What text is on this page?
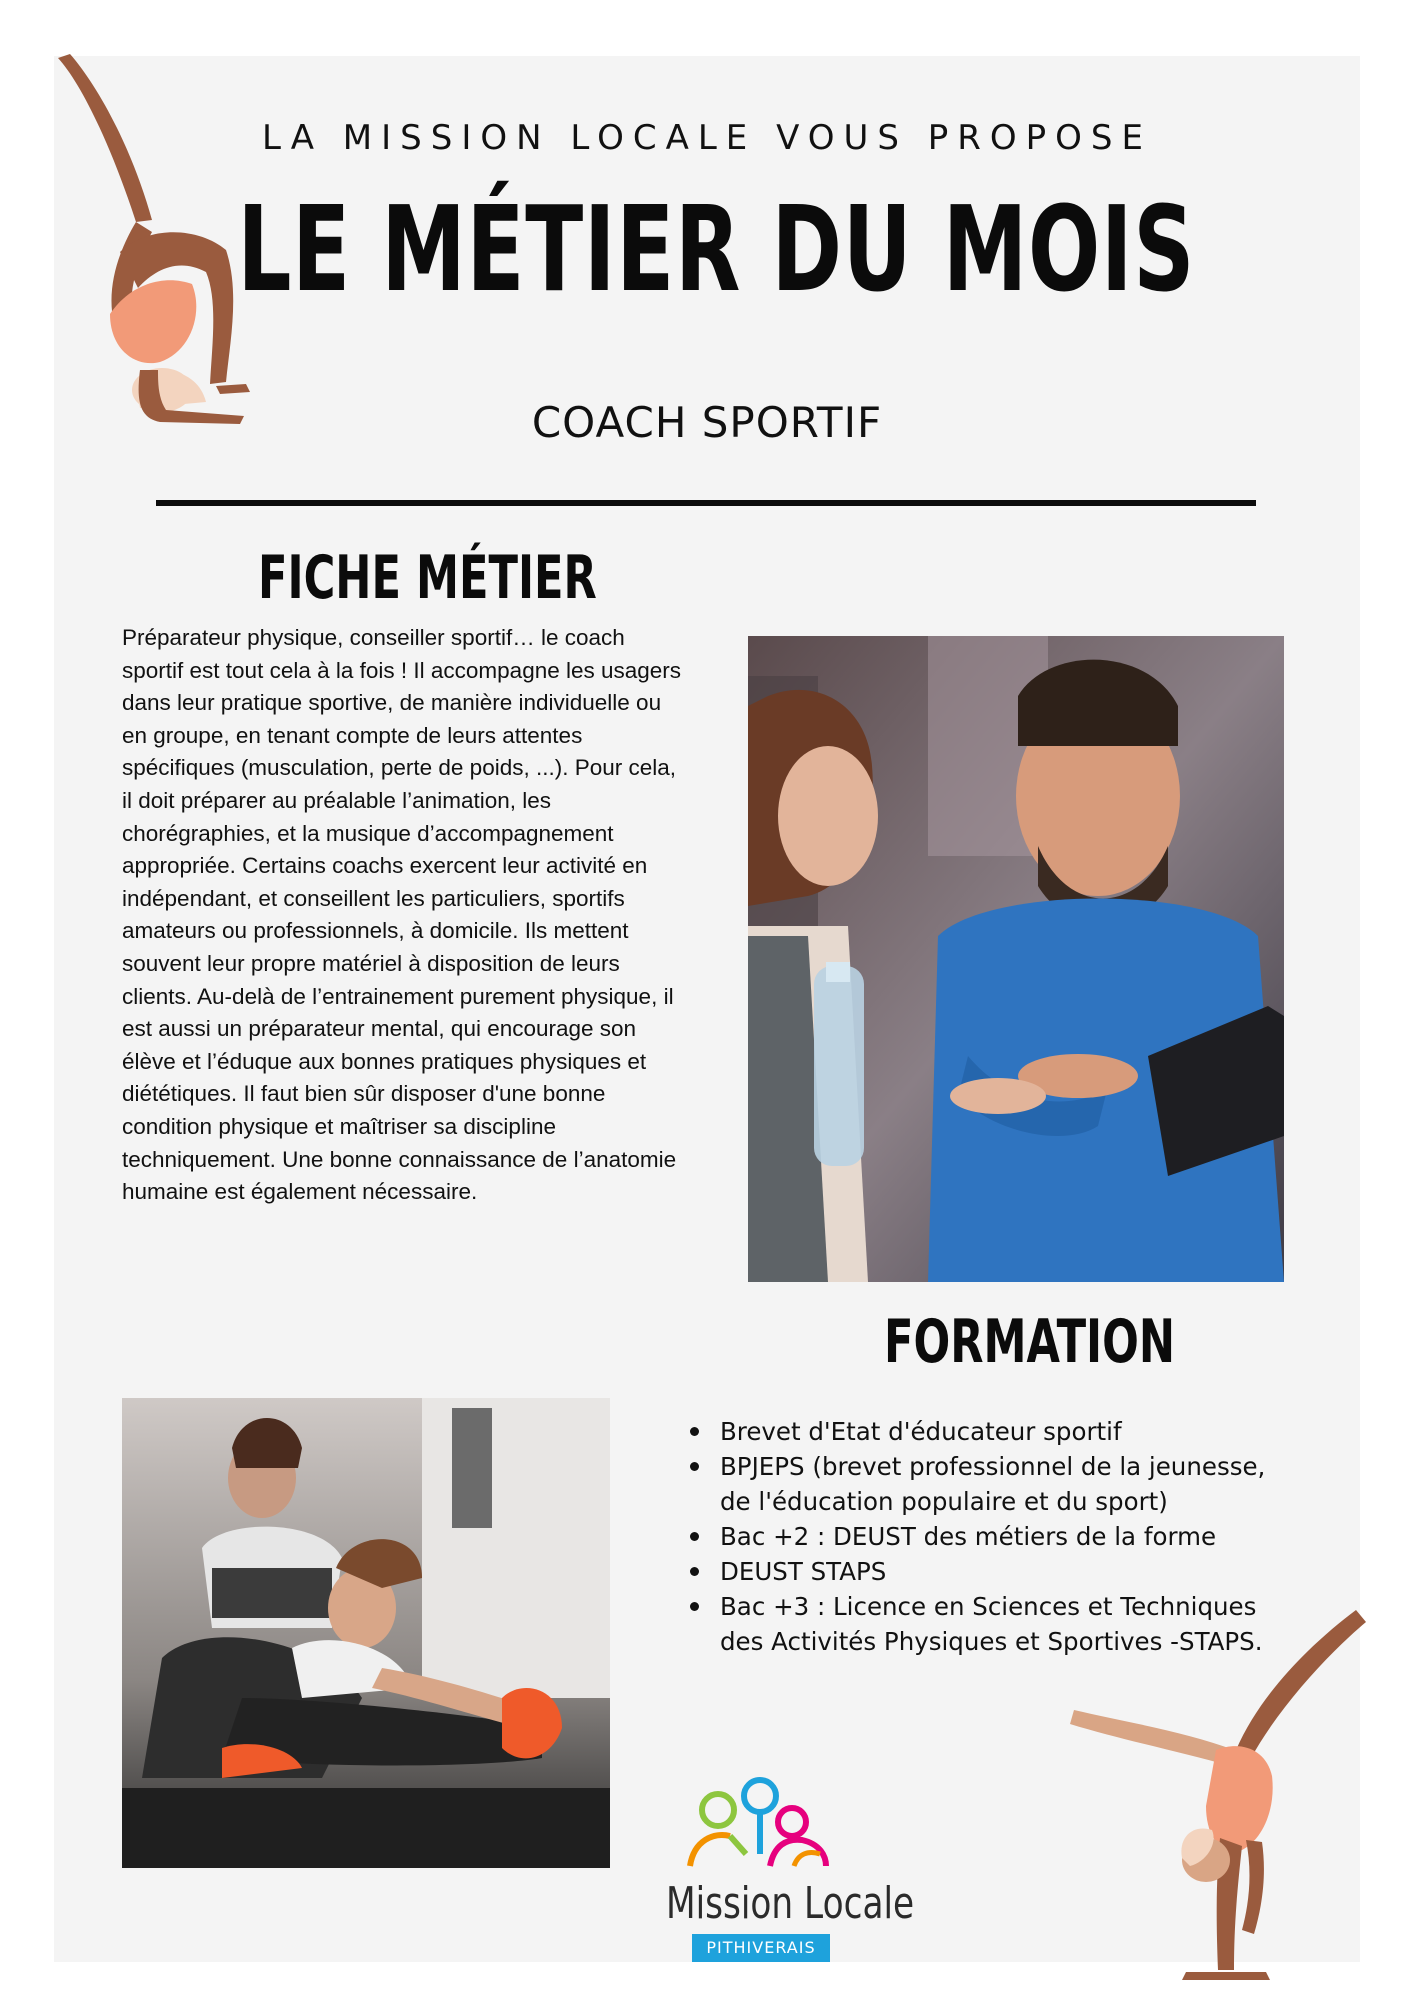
LA MISSION LOCALE VOUS PROPOSE
LE MÉTIER DU MOIS
COACH SPORTIF
FICHE MÉTIER
Préparateur physique, conseiller sportif… le coach sportif est tout cela à la fois ! Il accompagne les usagers dans leur pratique sportive, de manière individuelle ou en groupe, en tenant compte de leurs attentes spécifiques (musculation, perte de poids, ...). Pour cela, il doit préparer au préalable l’animation, les chorégraphies, et la musique d’accompagnement appropriée. Certains coachs exercent leur activité en indépendant, et conseillent les particuliers, sportifs amateurs ou professionnels, à domicile. Ils mettent souvent leur propre matériel à disposition de leurs clients. Au-delà de l’entrainement purement physique, il est aussi un préparateur mental, qui encourage son élève et l’éduque aux bonnes pratiques physiques et diététiques. Il faut bien sûr disposer d'une bonne condition physique et maîtriser sa discipline techniquement. Une bonne connaissance de l’anatomie humaine est également nécessaire.
FORMATION
Brevet d'Etat d'éducateur sportif
BPJEPS (brevet professionnel de la jeunesse, de l'éducation populaire et du sport)
Bac +2 : DEUST des métiers de la forme
DEUST STAPS
Bac +3 : Licence en Sciences et Techniques des Activités Physiques et Sportives -STAPS.
Mission Locale
PITHIVERAIS
